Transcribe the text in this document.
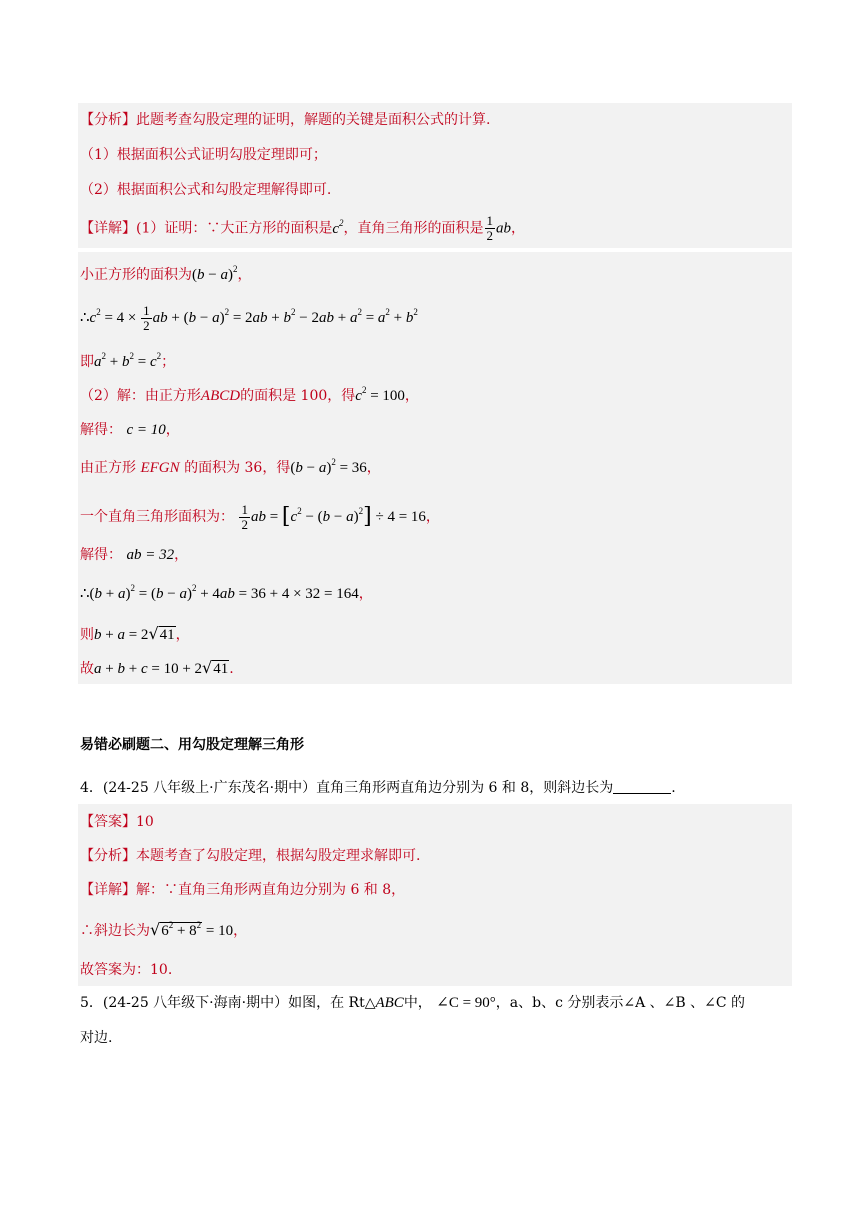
【分析】此题考查勾股定理的证明，解题的关键是面积公式的计算.
（1）根据面积公式证明勾股定理即可；
（2）根据面积公式和勾股定理解得即可.
【详解】(1）证明：∵大正方形的面积是$c^2$，直角三角形的面积是 $\frac{1}{2}$ ab，
小正方形的面积为$(b - a)^2$，
$\therefore c^2 = 4 \times \frac{1}{2}$ ab + $(b - a)^2 = 2ab + b^2 - 2ab + a^2 = a^2 + b^2$
即$a^2 + b^2 = c^2$；
（2）解：由正方形ABCD的面积是 100，得$c^2 = 100$，
解得： c = 10，
由正方形 EFGN 的面积为 36，得$(b - a)^2 = 36$，
一个直角三角形面积为： $\frac{1}{2}$ ab = $[c^2 - (b - a)^2] \div 4 = 16$，
解得： ab = 32，
∴(b + $a)^2 = (b - a)^2 + 4ab = 36 + 4 \times 32 = 164$，
则b + a = 2√41，
故a + b + c = 10 + 2√41.
易错必刷题二、用勾股定理解三角形
4．(24-25 八年级上·广东茂名·期中）直角三角形两直角边分别为 6 和 8，则斜边长为	.
【答案】10
【分析】本题考查了勾股定理，根据勾股定理求解即可.
【详解】解：∵直角三角形两直角边分别为 6 和 8，
∴斜边长为$√6^2 + 8^2 = 10$，
故答案为：10.
5．(24-25 八年级下·海南·期中）如图，在 Rt△ABC中， ∠C = 90°，a、b、c 分别表示∠A 、∠B 、∠C 的
对边.
